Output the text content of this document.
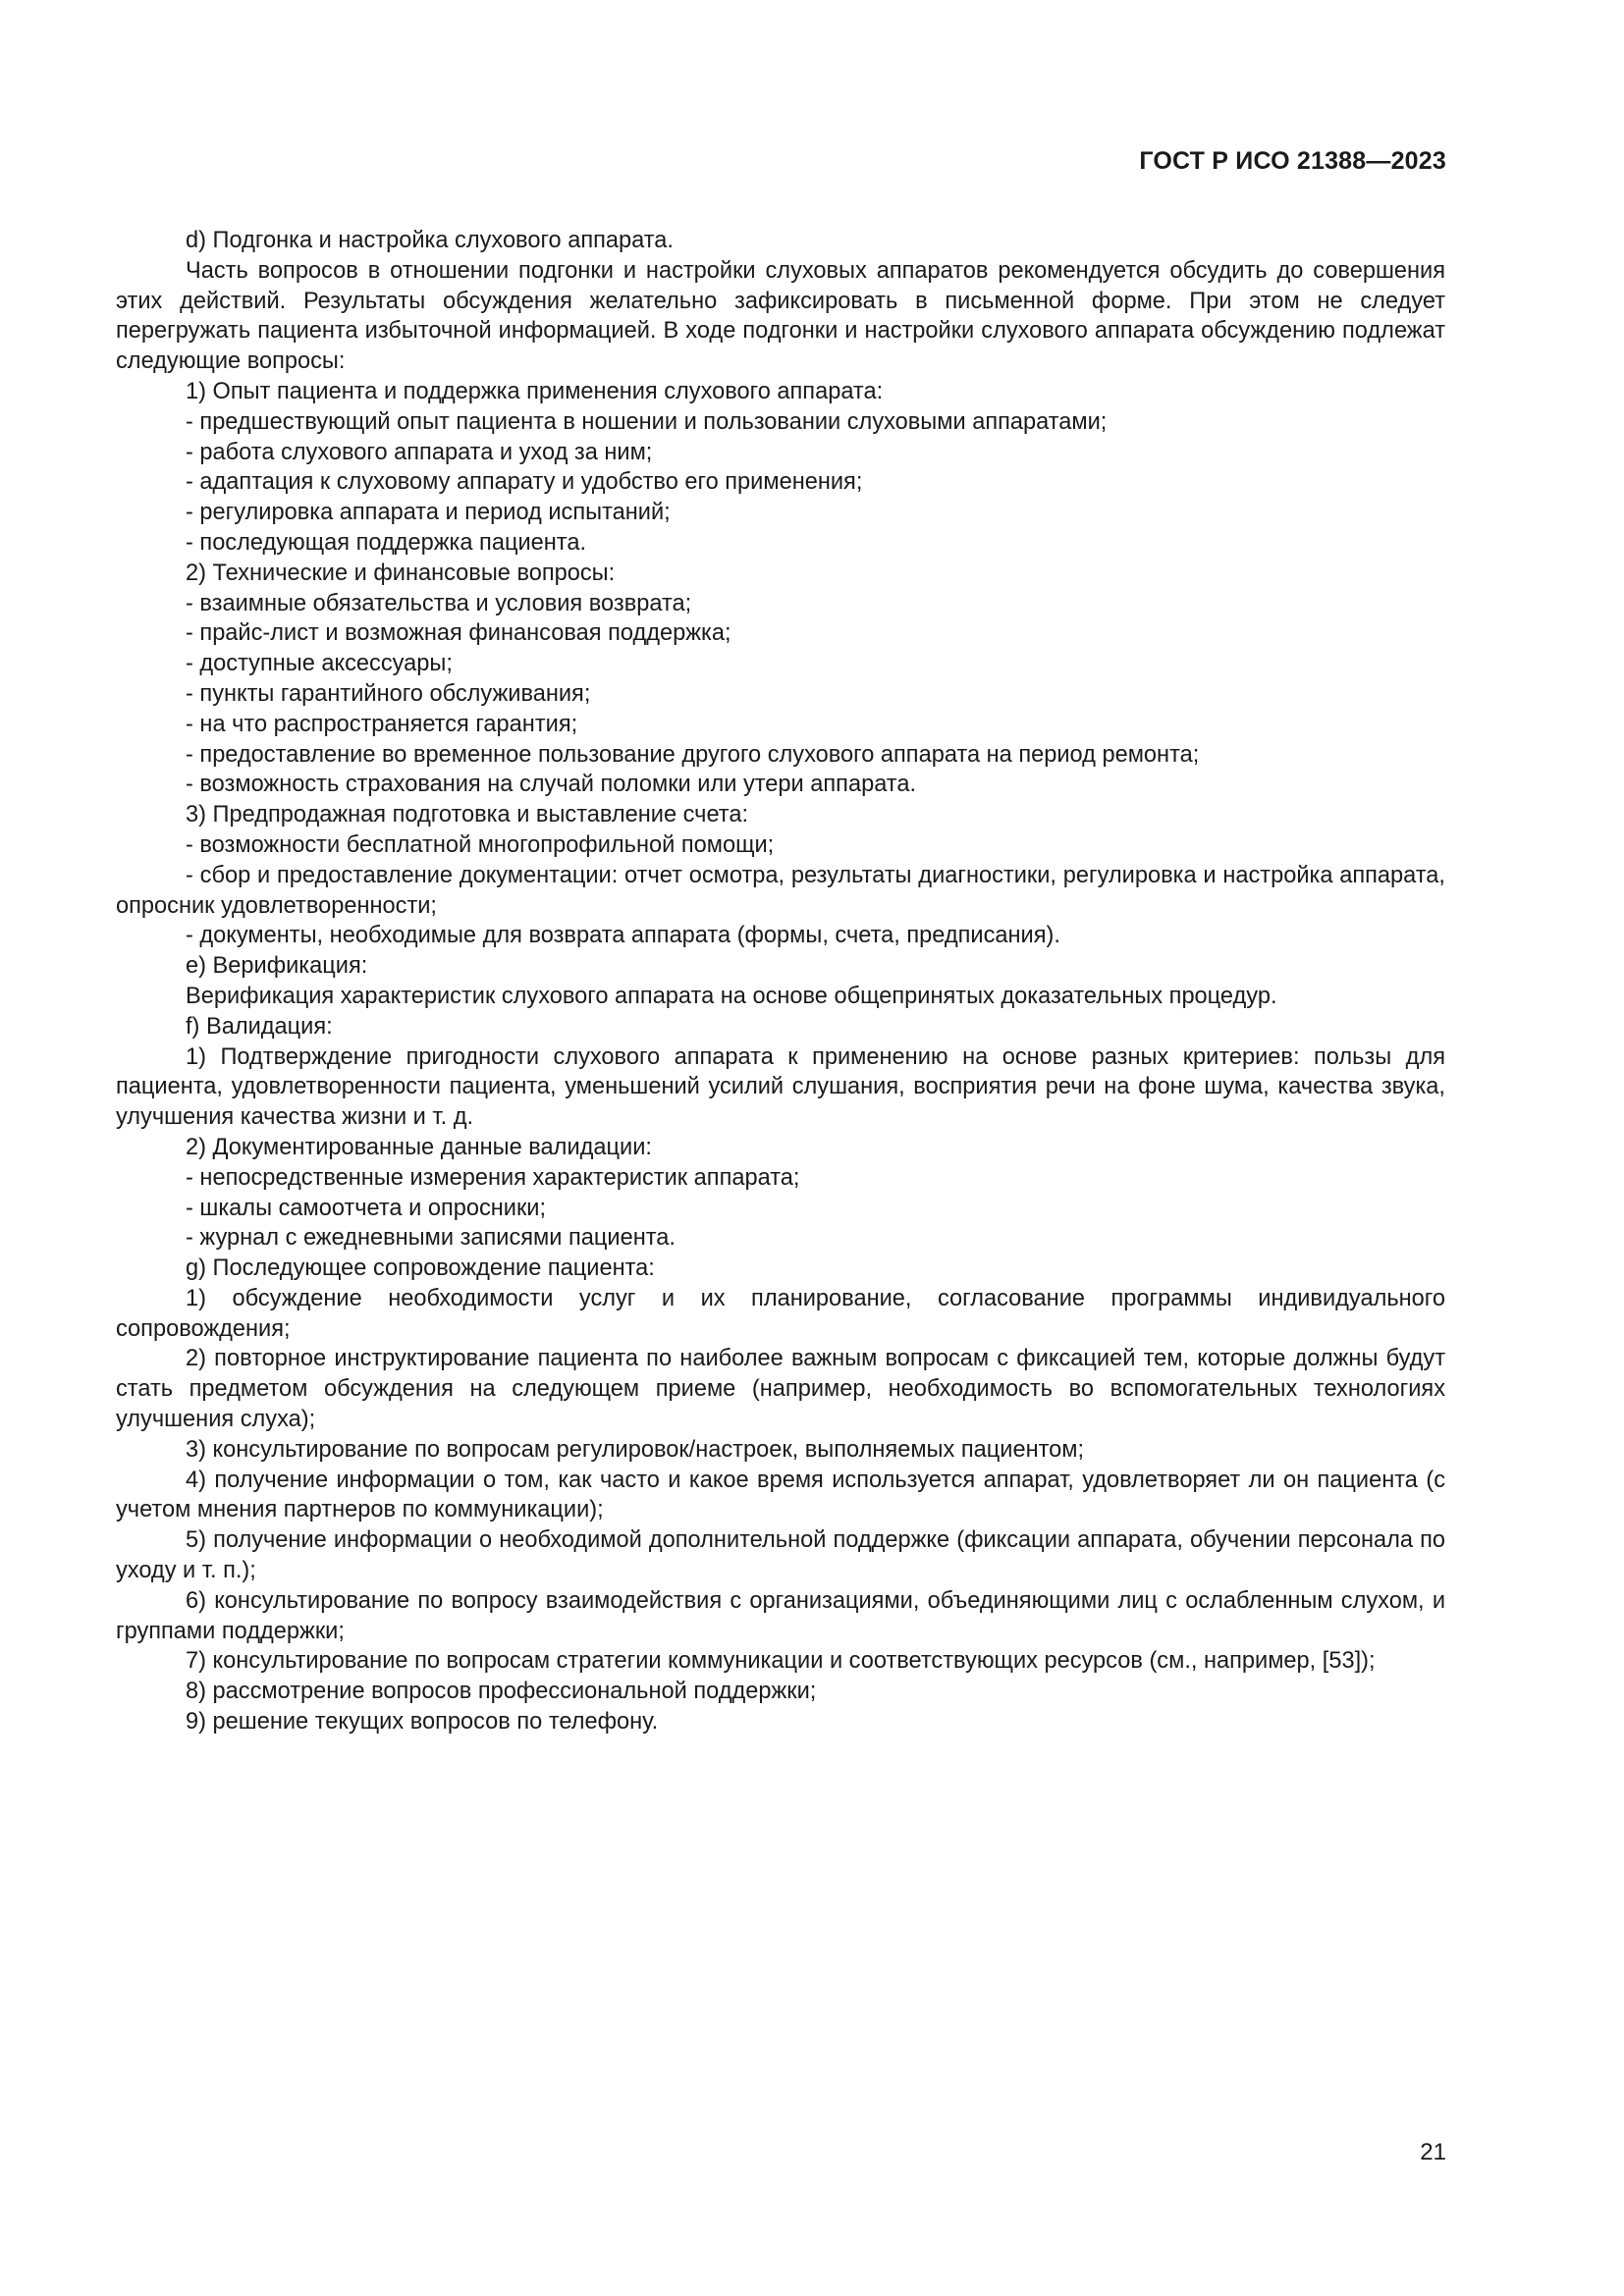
ГОСТ Р ИСО 21388—2023

d) Подгонка и настройка слухового аппарата.

Часть вопросов в отношении подгонки и настройки слуховых аппаратов рекомендуется обсудить до совершения этих действий. Результаты обсуждения желательно зафиксировать в письменной форме. При этом не следует перегружать пациента избыточной информацией. В ходе подгонки и настройки слухового аппарата обсуждению подлежат следующие вопросы:

1) Опыт пациента и поддержка применения слухового аппарата:

- предшествующий опыт пациента в ношении и пользовании слуховыми аппаратами;

- работа слухового аппарата и уход за ним;

- адаптация к слуховому аппарату и удобство его применения;

- регулировка аппарата и период испытаний;

- последующая поддержка пациента.

2) Технические и финансовые вопросы:

- взаимные обязательства и условия возврата;

- прайс-лист и возможная финансовая поддержка;

- доступные аксессуары;

- пункты гарантийного обслуживания;

- на что распространяется гарантия;

- предоставление во временное пользование другого слухового аппарата на период ремонта;

- возможность страхования на случай поломки или утери аппарата.

3) Предпродажная подготовка и выставление счета:

- возможности бесплатной многопрофильной помощи;

- сбор и предоставление документации: отчет осмотра, результаты диагностики, регулировка и настройка аппарата, опросник удовлетворенности;

- документы, необходимые для возврата аппарата (формы, счета, предписания).

e) Верификация:

Верификация характеристик слухового аппарата на основе общепринятых доказательных процедур.

f) Валидация:

1) Подтверждение пригодности слухового аппарата к применению на основе разных критериев: пользы для пациента, удовлетворенности пациента, уменьшений усилий слушания, восприятия речи на фоне шума, качества звука, улучшения качества жизни и т. д.

2) Документированные данные валидации:

- непосредственные измерения характеристик аппарата;

- шкалы самоотчета и опросники;

- журнал с ежедневными записями пациента.

g) Последующее сопровождение пациента:

1) обсуждение необходимости услуг и их планирование, согласование программы индивидуального сопровождения;

2) повторное инструктирование пациента по наиболее важным вопросам с фиксацией тем, которые должны будут стать предметом обсуждения на следующем приеме (например, необходимость во вспомогательных технологиях улучшения слуха);

3) консультирование по вопросам регулировок/настроек, выполняемых пациентом;

4) получение информации о том, как часто и какое время используется аппарат, удовлетворяет ли он пациента (с учетом мнения партнеров по коммуникации);

5) получение информации о необходимой дополнительной поддержке (фиксации аппарата, обучении персонала по уходу и т. п.);

6) консультирование по вопросу взаимодействия с организациями, объединяющими лиц с ослабленным слухом, и группами поддержки;

7) консультирование по вопросам стратегии коммуникации и соответствующих ресурсов (см., например, [53]);

8) рассмотрение вопросов профессиональной поддержки;

9) решение текущих вопросов по телефону.

21
